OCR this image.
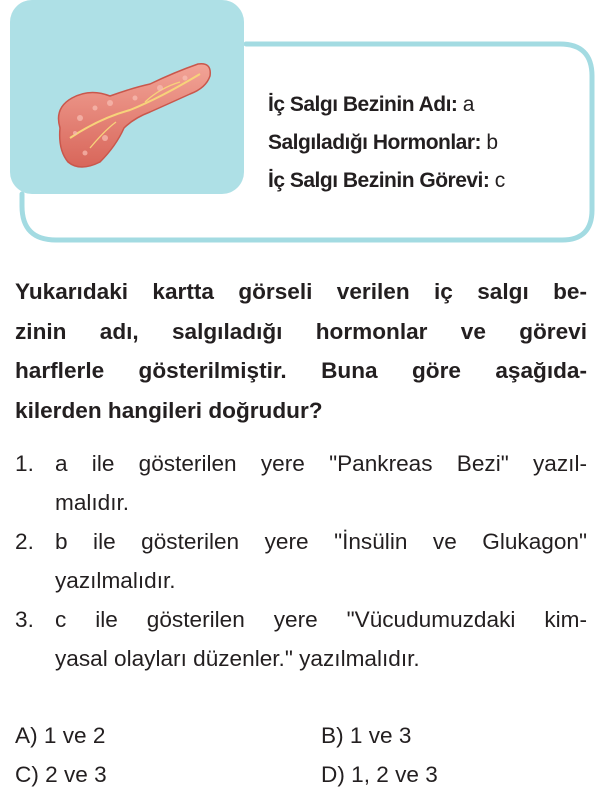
İç Salgı Bezinin Adı: a
Salgıladığı Hormonlar: b
İç Salgı Bezinin Görevi: c
Yukarıdaki kartta görseli verilen iç salgı be-
zinin adı, salgıladığı hormonlar ve görevi
harflerle gösterilmiştir. Buna göre aşağıda-
kilerden hangileri doğrudur?
1. a ile gösterilen yere "Pankreas Bezi" yazıl-
malıdır.
2. b ile gösterilen yere "İnsülin ve Glukagon"
yazılmalıdır.
3. c ile gösterilen yere "Vücudumuzdaki kim-
yasal olayları düzenler." yazılmalıdır.
A) 1 ve 2	B) 1 ve 3
C) 2 ve 3	D) 1, 2 ve 3
